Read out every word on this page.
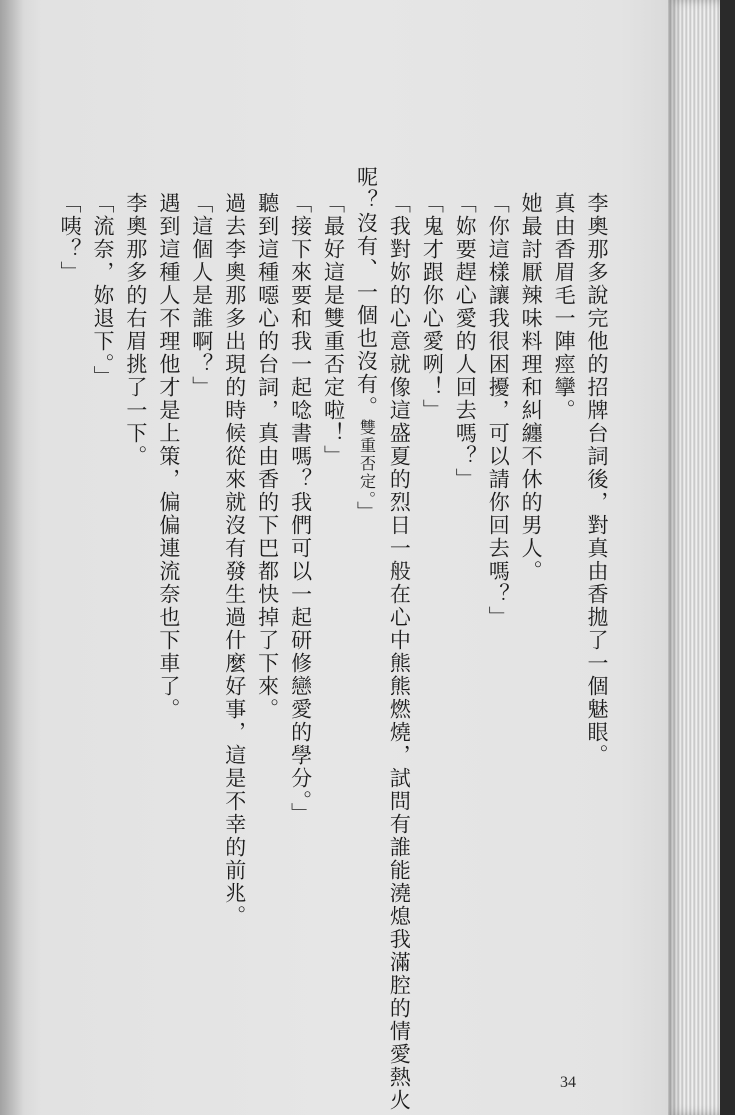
李奧那多說完他的招牌台詞後，對真由香拋了一個魅眼。
真由香眉毛一陣痙攣。
她最討厭辣味料理和糾纏不休的男人。
「你這樣讓我很困擾，可以請你回去嗎？」
「妳要趕心愛的人回去嗎？」
「鬼才跟你心愛咧！」
「我對妳的心意就像這盛夏的烈日一般在心中熊熊燃燒，試問有誰能澆熄我滿腔的情愛熱火
呢？沒有、一個也沒有。雙重否定。」
「最好這是雙重否定啦！」
「接下來要和我一起唸書嗎？我們可以一起研修戀愛的學分。」
聽到這種噁心的台詞，真由香的下巴都快掉了下來。
過去李奧那多出現的時候從來就沒有發生過什麼好事，這是不幸的前兆。
「這個人是誰啊？」
遇到這種人不理他才是上策，偏偏連流奈也下車了。
李奧那多的右眉挑了一下。
「流奈，妳退下。」
「咦？」
34
